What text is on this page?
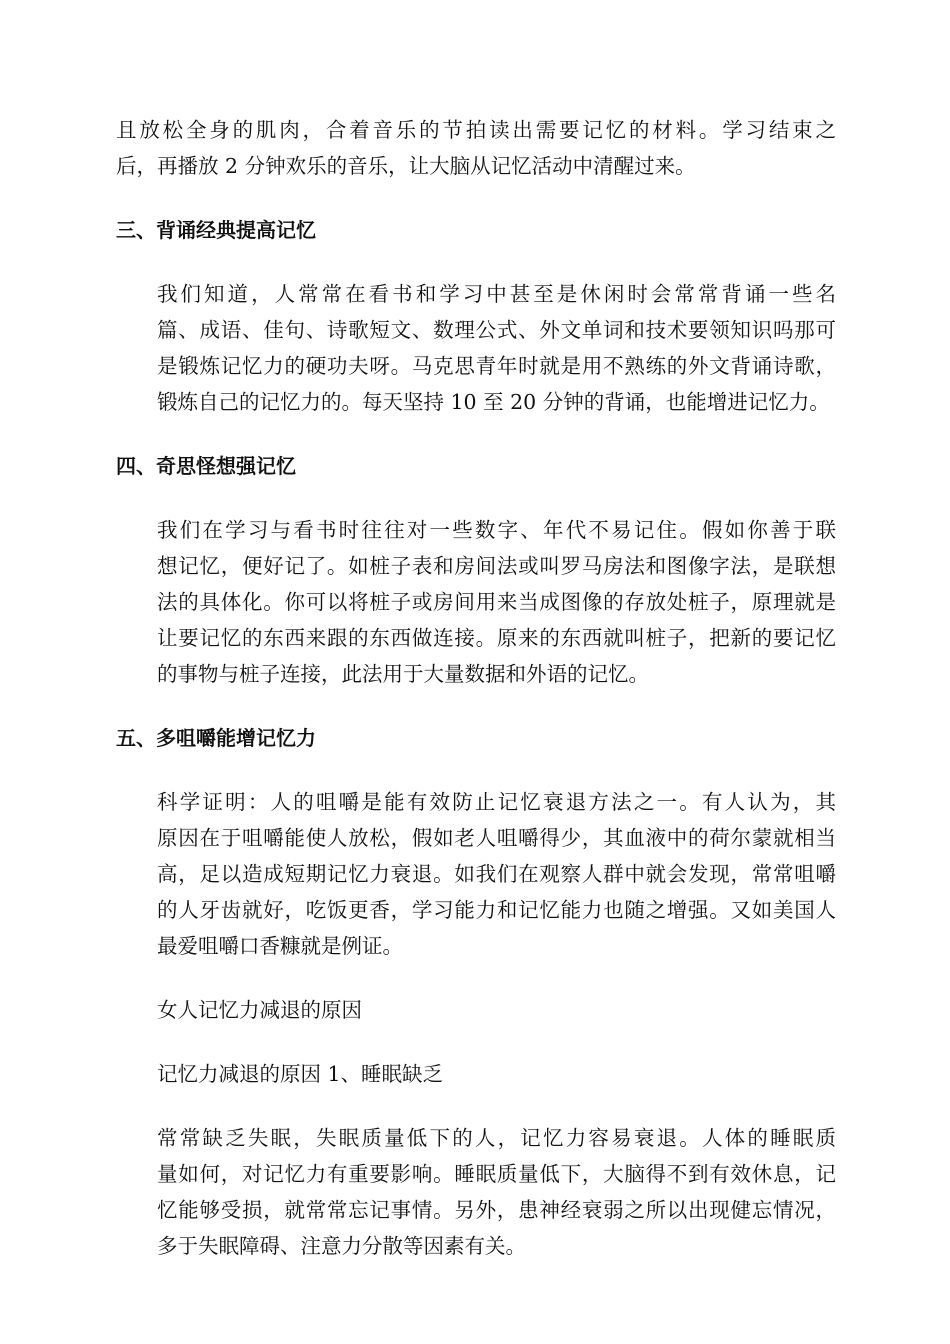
且放松全身的肌肉，合着音乐的节拍读出需要记忆的材料。学习结束之
后，再播放 2 分钟欢乐的音乐，让大脑从记忆活动中清醒过来。
三、背诵经典提高记忆
我们知道，人常常在看书和学习中甚至是休闲时会常常背诵一些名
篇、成语、佳句、诗歌短文、数理公式、外文单词和技术要领知识吗那可
是锻炼记忆力的硬功夫呀。马克思青年时就是用不熟练的外文背诵诗歌，
锻炼自己的记忆力的。每天坚持 10 至 20 分钟的背诵，也能增进记忆力。
四、奇思怪想强记忆
我们在学习与看书时往往对一些数字、年代不易记住。假如你善于联
想记忆，便好记了。如桩子表和房间法或叫罗马房法和图像字法，是联想
法的具体化。你可以将桩子或房间用来当成图像的存放处桩子，原理就是
让要记忆的东西来跟的东西做连接。原来的东西就叫桩子，把新的要记忆
的事物与桩子连接，此法用于大量数据和外语的记忆。
五、多咀嚼能增记忆力
科学证明：人的咀嚼是能有效防止记忆衰退方法之一。有人认为，其
原因在于咀嚼能使人放松，假如老人咀嚼得少，其血液中的荷尔蒙就相当
高，足以造成短期记忆力衰退。如我们在观察人群中就会发现，常常咀嚼
的人牙齿就好，吃饭更香，学习能力和记忆能力也随之增强。又如美国人
最爱咀嚼口香糠就是例证。
女人记忆力减退的原因
记忆力减退的原因 1、睡眠缺乏
常常缺乏失眠，失眠质量低下的人，记忆力容易衰退。人体的睡眠质
量如何，对记忆力有重要影响。睡眠质量低下，大脑得不到有效休息，记
忆能够受损，就常常忘记事情。另外，患神经衰弱之所以出现健忘情况，
多于失眠障碍、注意力分散等因素有关。
